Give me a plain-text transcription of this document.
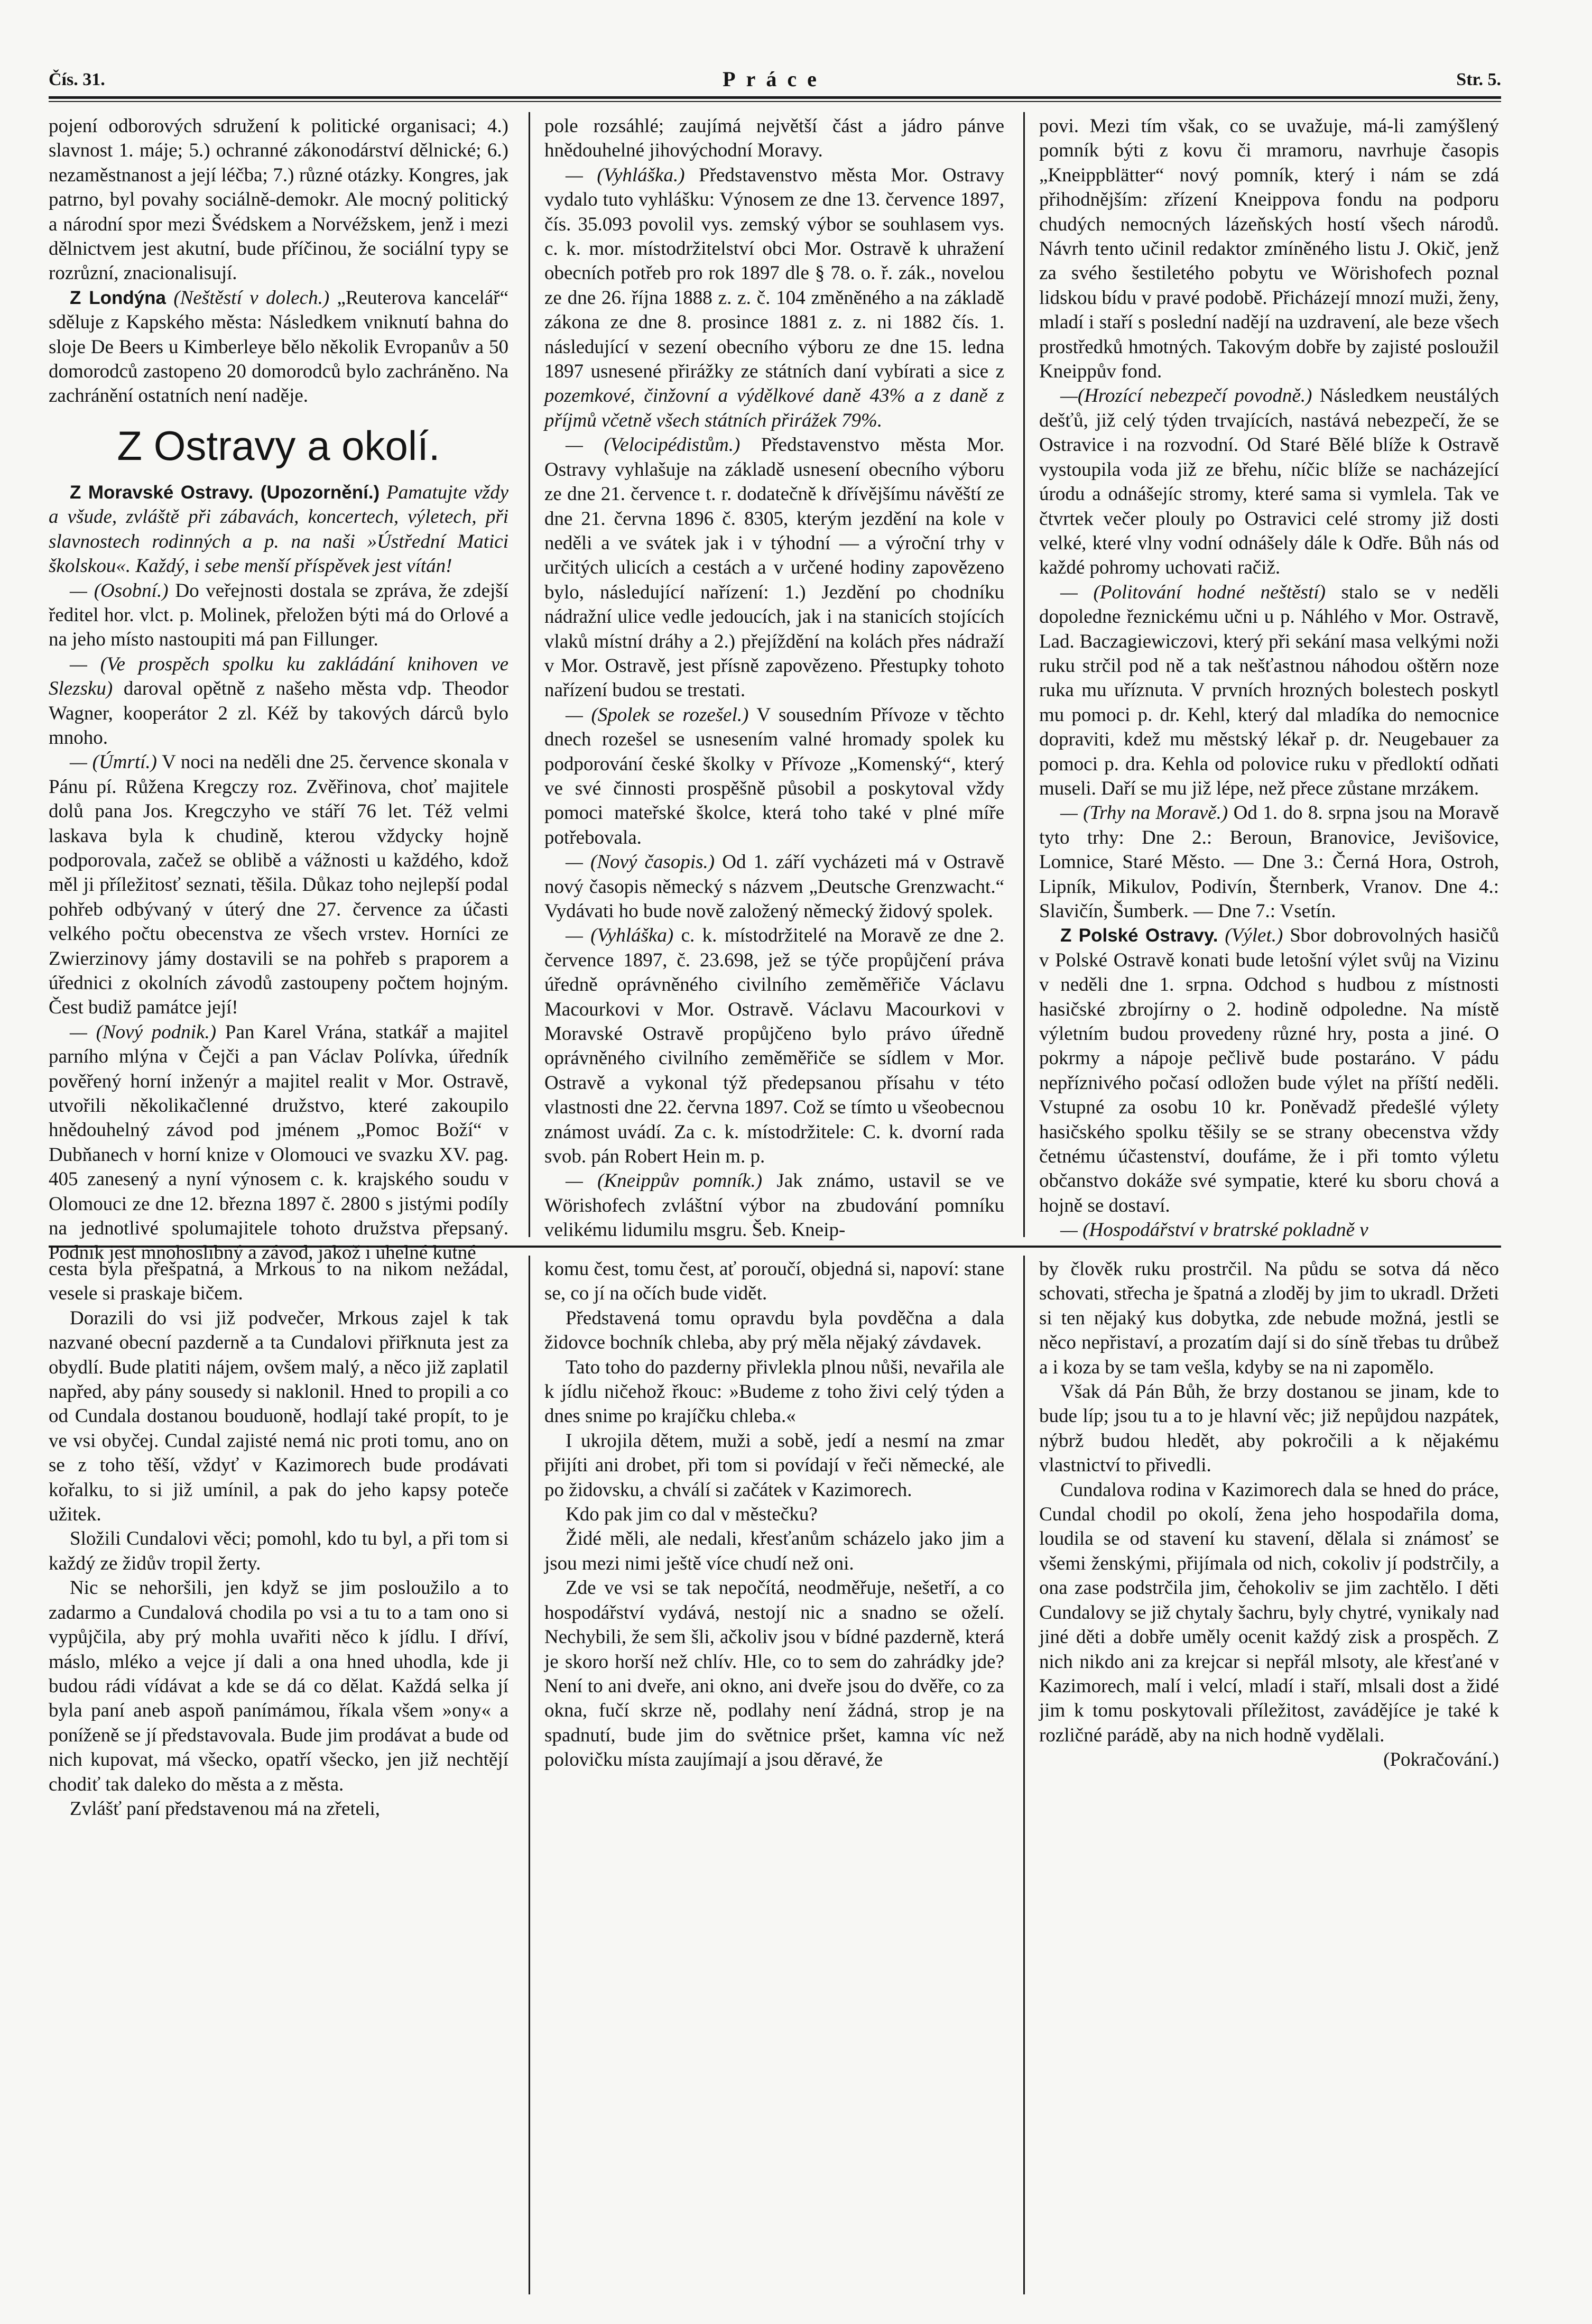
Čís. 31.	Práce	Str. 5.

pojení odborových sdružení k politické organisaci; 4.) slavnost 1. máje; 5.) ochranné zákonodárství dělnické; 6.) nezaměstnanost a její léčba; 7.) různé otázky. Kongres, jak patrno, byl povahy sociálně-demokr. Ale mocný politický a národní spor mezi Švédskem a Norvéžskem, jenž i mezi dělnictvem jest akutní, bude příčinou, že sociální typy se rozrůzní, znacionalisují.

Z Londýna (Neštěstí v dolech.) „Reuterova kancelář“ sděluje z Kapského města: Následkem vniknutí bahna do sloje De Beers u Kimberleye bělo několik Evropanův a 50 domorodců zastopeno 20 domorodců bylo zachráněno. Na zachránění ostatních není naděje.

Z Ostravy a okolí.

Z Moravské Ostravy. (Upozornění.) Pamatujte vždy a všude, zvláště při zábavách, koncertech, výletech, při slavnostech rodinných a p. na naši »Ústřední Matici školskou«. Každý, i sebe menší příspěvek jest vítán!

— (Osobní.) Do veřejnosti dostala se zpráva, že zdejší ředitel hor. vlct. p. Molinek, přeložen býti má do Orlové a na jeho místo nastoupiti má pan Fillunger.

— (Ve prospěch spolku ku zakládání knihoven ve Slezsku) daroval opětně z našeho města vdp. Theodor Wagner, kooperátor 2 zl. Kéž by takových dárců bylo mnoho.

— (Úmrtí.) V noci na neděli dne 25. července skonala v Pánu pí. Růžena Kregczy roz. Zvěřinova, choť majitele dolů pana Jos. Kregczyho ve stáří 76 let. Též velmi laskava byla k chudině, kterou vždycky hojně podporovala, začež se oblibě a vážnosti u každého, kdož měl ji příležitosť seznati, těšila. Důkaz toho nejlepší podal pohřeb odbývaný v úterý dne 27. července za účasti velkého počtu obecenstva ze všech vrstev. Horníci ze Zwierzinovy jámy dostavili se na pohřeb s praporem a úřednici z okolních závodů zastoupeny počtem hojným. Čest budiž památce její!

— (Nový podnik.) Pan Karel Vrána, statkář a majitel parního mlýna v Čejči a pan Václav Polívka, úředník pověřený horní inženýr a majitel realit v Mor. Ostravě, utvořili několikačlenné družstvo, které zakoupilo hnědouhelný závod pod jménem „Pomoc Boží“ v Dubňanech v horní knize v Olomouci ve svazku XV. pag. 405 zanesený a nyní výnosem c. k. krajského soudu v Olomouci ze dne 12. března 1897 č. 2800 s jistými podíly na jednotlivé spolumajitele tohoto družstva přepsaný. Podnik jest mnohoslibný a závod, jakož i uhelné kutné

pole rozsáhlé; zaujímá největší část a jádro pánve hnědouhelné jihovýchodní Moravy.

— (Vyhláška.) Představenstvo města Mor. Ostravy vydalo tuto vyhlášku: Výnosem ze dne 13. července 1897, čís. 35.093 povolil vys. zemský výbor se souhlasem vys. c. k. mor. místodržitelství obci Mor. Ostravě k uhražení obecních potřeb pro rok 1897 dle § 78. o. ř. zák., novelou ze dne 26. října 1888 z. z. č. 104 změněného a na základě zákona ze dne 8. prosince 1881 z. z. ni 1882 čís. 1. následující v sezení obecního výboru ze dne 15. ledna 1897 usnesené přirážky ze státních daní vybírati a sice z pozemkové, činžovní a výdělkové daně 43% a z daně z příjmů včetně všech státních přirážek 79%.

— (Velocipédistům.) Představenstvo města Mor. Ostravy vyhlašuje na základě usnesení obecního výboru ze dne 21. července t. r. dodatečně k dřívějšímu návěští ze dne 21. června 1896 č. 8305, kterým jezdění na kole v neděli a ve svátek jak i v týhodní — a výroční trhy v určitých ulicích a cestách a v určené hodiny zapovězeno bylo, následující nařízení: 1.) Jezdění po chodníku nádražní ulice vedle jedoucích, jak i na stanicích stojících vlaků místní dráhy a 2.) přejíždění na kolách přes nádraží v Mor. Ostravě, jest přísně zapovězeno. Přestupky tohoto nařízení budou se trestati.

— (Spolek se rozešel.) V sousedním Přívoze v těchto dnech rozešel se usnesením valné hromady spolek ku podporování české školky v Přívoze „Komenský“, který ve své činnosti prospěšně působil a poskytoval vždy pomoci mateřské školce, která toho také v plné míře potřebovala.

— (Nový časopis.) Od 1. září vycházeti má v Ostravě nový časopis německý s názvem „Deutsche Grenzwacht.“ Vydávati ho bude nově založený německý židový spolek.

— (Vyhláška) c. k. místodržitelé na Moravě ze dne 2. července 1897, č. 23.698, jež se týče propůjčení práva úředně oprávněného civilního zeměměřiče Václavu Macourkovi v Mor. Ostravě. Václavu Macourkovi v Moravské Ostravě propůjčeno bylo právo úředně oprávněného civilního zeměměřiče se sídlem v Mor. Ostravě a vykonal týž předepsanou přísahu v této vlastnosti dne 22. června 1897. Což se tímto u všeobecnou známost uvádí. Za c. k. místodržitele: C. k. dvorní rada svob. pán Robert Hein m. p.

— (Kneippův pomník.) Jak známo, ustavil se ve Wörishofech zvláštní výbor na zbudování pomníku velikému lidumilu msgru. Šeb. Kneip-

povi. Mezi tím však, co se uvažuje, má-li zamýšlený pomník býti z kovu či mramoru, navrhuje časopis „Kneippblätter“ nový pomník, který i nám se zdá přihodnějším: zřízení Kneippova fondu na podporu chudých nemocných lázeňských hostí všech národů. Návrh tento učinil redaktor zmíněného listu J. Okič, jenž za svého šestiletého pobytu ve Wörishofech poznal lidskou bídu v pravé podobě. Přicházejí mnozí muži, ženy, mladí i staří s poslední nadějí na uzdravení, ale beze všech prostředků hmotných. Takovým dobře by zajisté posloužil Kneippův fond.

—(Hrozící nebezpečí povodně.) Následkem neustálých dešťů, již celý týden trvajících, nastává nebezpečí, že se Ostravice i na rozvodní. Od Staré Bělé blíže k Ostravě vystoupila voda již ze břehu, níčic blíže se nacházející úrodu a odnášejíc stromy, které sama si vymlela. Tak ve čtvrtek večer plouly po Ostravici celé stromy již dosti velké, které vlny vodní odnášely dále k Odře. Bůh nás od každé pohromy uchovati račiž.

— (Politování hodné neštěstí) stalo se v neděli dopoledne řeznickému učni u p. Náhlého v Mor. Ostravě, Lad. Baczagiewiczovi, který při sekání masa velkými noži ruku strčil pod ně a tak nešťastnou náhodou oštěrn noze ruka mu uříznuta. V prvních hrozných bolestech poskytl mu pomoci p. dr. Kehl, který dal mladíka do nemocnice dopraviti, kdež mu městský lékař p. dr. Neugebauer za pomoci p. dra. Kehla od polovice ruku v předloktí odňati museli. Daří se mu již lépe, než přece zůstane mrzákem.

— (Trhy na Moravě.) Od 1. do 8. srpna jsou na Moravě tyto trhy: Dne 2.: Beroun, Branovice, Jevišovice, Lomnice, Staré Město. — Dne 3.: Černá Hora, Ostroh, Lipník, Mikulov, Podivín, Šternberk, Vranov. Dne 4.: Slavičín, Šumberk. — Dne 7.: Vsetín.

Z Polské Ostravy. (Výlet.) Sbor dobrovolných hasičů v Polské Ostravě konati bude letošní výlet svůj na Vizinu v neděli dne 1. srpna. Odchod s hudbou z místnosti hasičské zbrojírny o 2. hodině odpoledne. Na místě výletním budou provedeny různé hry, posta a jiné. O pokrmy a nápoje pečlivě bude postaráno. V pádu nepříznivého počasí odložen bude výlet na příští neděli. Vstupné za osobu 10 kr. Poněvadž předešlé výlety hasičského spolku těšily se se strany obecenstva vždy četnému účastenství, doufáme, že i při tomto výletu občanstvo dokáže své sympatie, které ku sboru chová a hojně se dostaví.

— (Hospodářství v bratrské pokladně v

cesta byla přešpatná, a Mrkous to na nikom nežádal, vesele si praskaje bičem.

Dorazili do vsi již podvečer, Mrkous zajel k tak nazvané obecní pazderně a ta Cundalovi přiřknuta jest za obydlí. Bude platiti nájem, ovšem malý, a něco již zaplatil napřed, aby pány sousedy si naklonil. Hned to propili a co od Cundala dostanou bouduoně, hodlají také propít, to je ve vsi obyčej. Cundal zajisté nemá nic proti tomu, ano on se z toho těší, vždyť v Kazimorech bude prodávati kořalku, to si již umínil, a pak do jeho kapsy poteče užitek.

Složili Cundalovi věci; pomohl, kdo tu byl, a při tom si každý ze židův tropil žerty.

Nic se nehoršili, jen když se jim posloužilo a to zadarmo a Cundalová chodila po vsi a tu to a tam ono si vypůjčila, aby prý mohla uvařiti něco k jídlu. I dříví, máslo, mléko a vejce jí dali a ona hned uhodla, kde ji budou rádi vídávat a kde se dá co dělat. Každá selka jí byla paní aneb aspoň panímámou, říkala všem »ony« a poníženě se jí představovala. Bude jim prodávat a bude od nich kupovat, má všecko, opatří všecko, jen již nechtějí chodiť tak daleko do města a z města.

Zvlášť paní představenou má na zřeteli,

komu čest, tomu čest, ať poroučí, objedná si, napoví: stane se, co jí na očích bude vidět.

Představená tomu opravdu byla povděčna a dala židovce bochník chleba, aby prý měla nějaký závdavek.

Tato toho do pazderny přivlekla plnou nůši, nevařila ale k jídlu ničehož řkouc: »Budeme z toho živi celý týden a dnes snime po krajíčku chleba.«

I ukrojila dětem, muži a sobě, jedí a nesmí na zmar přijíti ani drobet, při tom si povídají v řeči německé, ale po židovsku, a chválí si začátek v Kazimorech.

Kdo pak jim co dal v městečku?

Židé měli, ale nedali, křesťanům scházelo jako jim a jsou mezi nimi ještě více chudí než oni.

Zde ve vsi se tak nepočítá, neodměřuje, nešetří, a co hospodářství vydává, nestojí nic a snadno se oželí. Nechybili, že sem šli, ačkoliv jsou v bídné pazderně, která je skoro horší než chlív. Hle, co to sem do zahrádky jde? Není to ani dveře, ani okno, ani dveře jsou do dvěře, co za okna, fučí skrze ně, podlahy není žádná, strop je na spadnutí, bude jim do světnice pršet, kamna víc než polovičku místa zaujímají a jsou děravé, že

by člověk ruku prostrčil. Na půdu se sotva dá něco schovati, střecha je špatná a zloděj by jim to ukradl. Držeti si ten nějaký kus dobytka, zde nebude možná, jestli se něco nepřistaví, a prozatím dají si do síně třebas tu drůbež a i koza by se tam vešla, kdyby se na ni zapomělo.

Však dá Pán Bůh, že brzy dostanou se jinam, kde to bude líp; jsou tu a to je hlavní věc; již nepůjdou nazpátek, nýbrž budou hledět, aby pokročili a k nějakému vlastnictví to přivedli.

Cundalova rodina v Kazimorech dala se hned do práce, Cundal chodil po okolí, žena jeho hospodařila doma, loudila se od stavení ku stavení, dělala si známosť se všemi ženskými, přijímala od nich, cokoliv jí podstrčily, a ona zase podstrčila jim, čehokoliv se jim zachtělo. I děti Cundalovy se již chytaly šachru, byly chytré, vynikaly nad jiné děti a dobře uměly ocenit každý zisk a prospěch. Z nich nikdo ani za krejcar si nepřál mlsoty, ale křesťané v Kazimorech, malí i velcí, mladí i staří, mlsali dost a židé jim k tomu poskytovali příležitost, zavádějíce je také k rozličné parádě, aby na nich hodně vydělali.

(Pokračování.)
